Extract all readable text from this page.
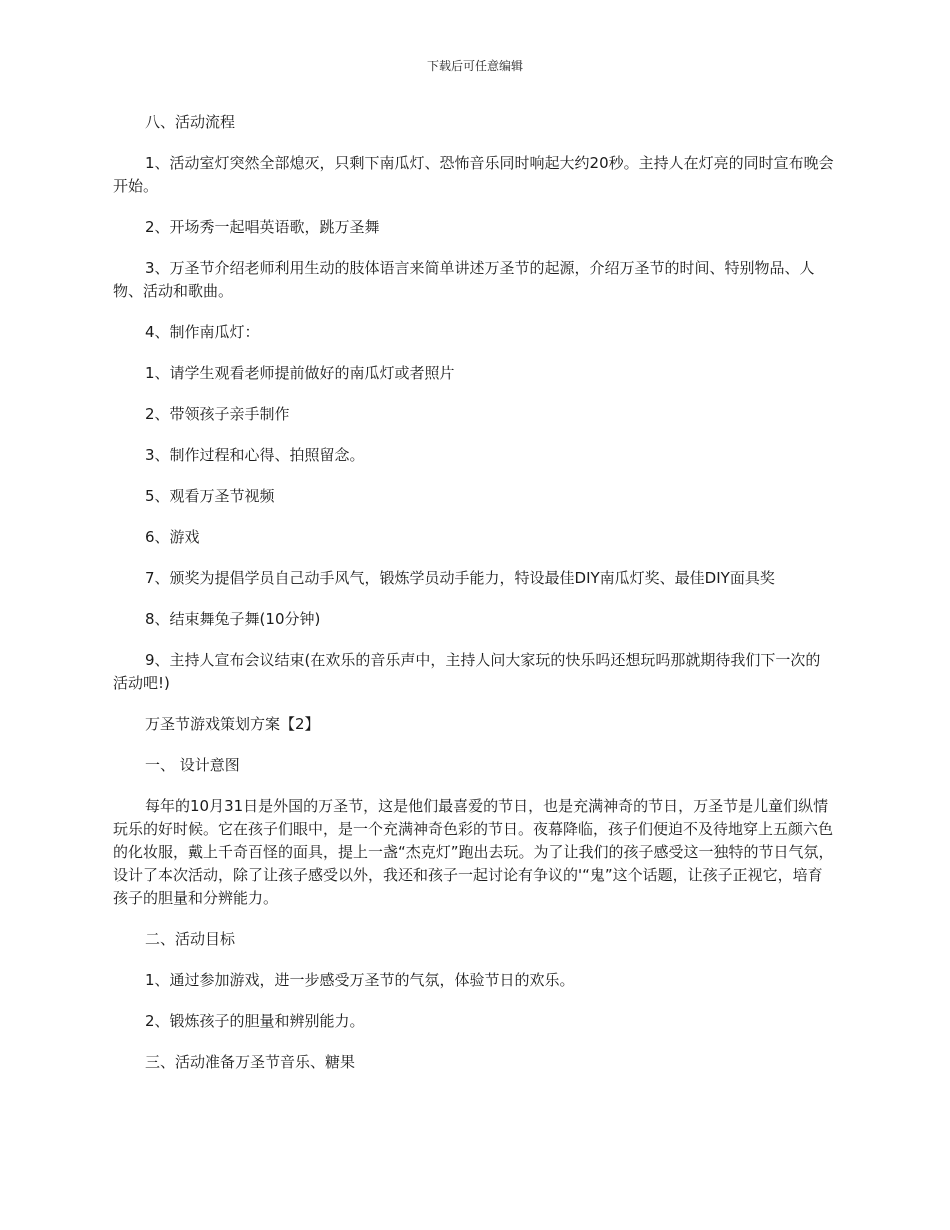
下载后可任意编辑

八、活动流程

1、活动室灯突然全部熄灭，只剩下南瓜灯、恐怖音乐同时响起大约20秒。主持人在灯亮的同时宣布晚会开始。

2、开场秀一起唱英语歌，跳万圣舞

3、万圣节介绍老师利用生动的肢体语言来简单讲述万圣节的起源，介绍万圣节的时间、特别物品、人物、活动和歌曲。

4、制作南瓜灯：

1、请学生观看老师提前做好的南瓜灯或者照片

2、带领孩子亲手制作

3、制作过程和心得、拍照留念。

5、观看万圣节视频

6、游戏

7、颁奖为提倡学员自己动手风气，锻炼学员动手能力，特设最佳DIY南瓜灯奖、最佳DIY面具奖

8、结束舞兔子舞(10分钟)

9、主持人宣布会议结束(在欢乐的音乐声中，主持人问大家玩的快乐吗还想玩吗那就期待我们下一次的活动吧!)

万圣节游戏策划方案【2】

一、 设计意图

每年的10月31日是外国的万圣节，这是他们最喜爱的节日，也是充满神奇的节日，万圣节是儿童们纵情玩乐的好时候。它在孩子们眼中，是一个充满神奇色彩的节日。夜幕降临，孩子们便迫不及待地穿上五颜六色的化妆服，戴上千奇百怪的面具，提上一盏“杰克灯”跑出去玩。为了让我们的孩子感受这一独特的节日气氛，设计了本次活动，除了让孩子感受以外，我还和孩子一起讨论有争议的'“鬼”这个话题，让孩子正视它，培育孩子的胆量和分辨能力。

二、活动目标

1、通过参加游戏，进一步感受万圣节的气氛，体验节日的欢乐。

2、锻炼孩子的胆量和辨别能力。

三、活动准备万圣节音乐、糖果
